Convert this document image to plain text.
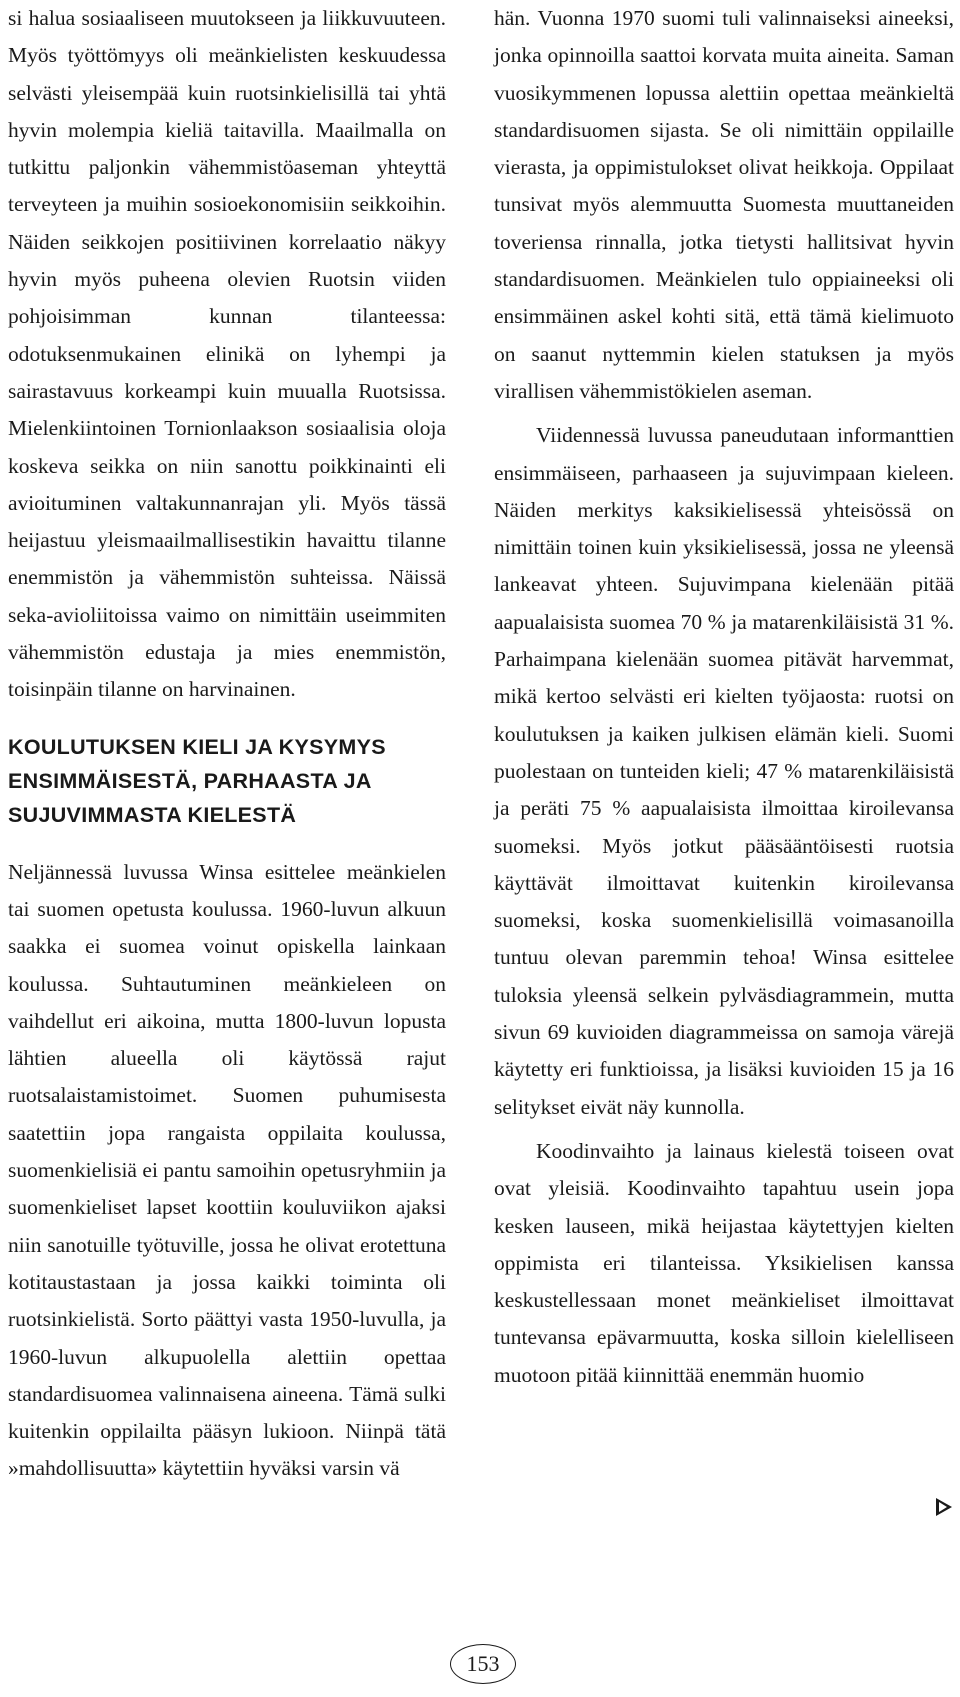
si halua sosiaaliseen muutokseen ja liikkuvuuteen. Myös työttömyys oli meänkielisten keskuudessa selvästi yleisempää kuin ruotsinkielisillä tai yhtä hyvin molempia kieliä taitavilla. Maailmalla on tutkittu paljonkin vähemmistöaseman yhteyttä terveyteen ja muihin sosioekonomisiin seikkoihin. Näiden seikkojen positiivinen korrelaatio näkyy hyvin myös puheena olevien Ruotsin viiden pohjoisimman kunnan tilanteessa: odotuksenmukainen elinikä on lyhempi ja sairastavuus korkeampi kuin muualla Ruotsissa. Mielenkiintoinen Tornionlaakson sosiaalisia oloja koskeva seikka on niin sanottu poikkinainti eli avioituminen valtakunnanrajan yli. Myös tässä heijastuu yleismaailmallisestikin havaittu tilanne enemmistön ja vähemmistön suhteissa. Näissä seka-avioliitoissa vaimo on nimittäin useimmiten vähemmistön edustaja ja mies enemmistön, toisinpäin tilanne on harvinainen.

KOULUTUKSEN KIELI JA KYSYMYS ENSIMMÄISESTÄ, PARHAASTA JA SUJUVIMMASTA KIELESTÄ

Neljännessä luvussa Winsa esittelee meänkielen tai suomen opetusta koulussa. 1960-luvun alkuun saakka ei suomea voinut opiskella lainkaan koulussa. Suhtautuminen meänkieleen on vaihdellut eri aikoina, mutta 1800-luvun lopusta lähtien alueella oli käytössä rajut ruotsalaistamistoimet. Suomen puhumisesta saatettiin jopa rangaista oppilaita koulussa, suomenkielisiä ei pantu samoihin opetusryhmiin ja suomenkieliset lapset koottiin kouluviikon ajaksi niin sanotuille työtuville, jossa he olivat erotettuna kotitaustastaan ja jossa kaikki toiminta oli ruotsinkielistä. Sorto päättyi vasta 1950-luvulla, ja 1960-luvun alkupuolella alettiin opettaa standardisuomea valinnaisena aineena. Tämä sulki kuitenkin oppilailta pääsyn lukioon. Niinpä tätä »mahdollisuutta» käytettiin hyväksi varsin vä

hän. Vuonna 1970 suomi tuli valinnaiseksi aineeksi, jonka opinnoilla saattoi korvata muita aineita. Saman vuosikymmenen lopussa alettiin opettaa meänkieltä standardisuomen sijasta. Se oli nimittäin oppilaille vierasta, ja oppimistulokset olivat heikkoja. Oppilaat tunsivat myös alemmuutta Suomesta muuttaneiden toveriensa rinnalla, jotka tietysti hallitsivat hyvin standardisuomen. Meänkielen tulo oppiaineeksi oli ensimmäinen askel kohti sitä, että tämä kielimuoto on saanut nyttemmin kielen statuksen ja myös virallisen vähemmistökielen aseman.

Viidennessä luvussa paneudutaan informanttien ensimmäiseen, parhaaseen ja sujuvimpaan kieleen. Näiden merkitys kaksikielisessä yhteisössä on nimittäin toinen kuin yksikielisessä, jossa ne yleensä lankeavat yhteen. Sujuvimpana kielenään pitää aapualaisista suomea 70 % ja matarenkiläisistä 31 %. Parhaimpana kielenään suomea pitävät harvemmat, mikä kertoo selvästi eri kielten työjaosta: ruotsi on koulutuksen ja kaiken julkisen elämän kieli. Suomi puolestaan on tunteiden kieli; 47 % matarenkiläisistä ja peräti 75 % aapualaisista ilmoittaa kiroilevansa suomeksi. Myös jotkut pääsääntöisesti ruotsia käyttävät ilmoittavat kuitenkin kiroilevansa suomeksi, koska suomenkielisillä voimasanoilla tuntuu olevan paremmin tehoa! Winsa esittelee tuloksia yleensä selkein pylväsdiagrammein, mutta sivun 69 kuvioiden diagrammeissa on samoja värejä käytetty eri funktioissa, ja lisäksi kuvioiden 15 ja 16 selitykset eivät näy kunnolla.

Koodinvaihto ja lainaus kielestä toiseen ovat ovat yleisiä. Koodinvaihto tapahtuu usein jopa kesken lauseen, mikä heijastaa käytettyjen kielten oppimista eri tilanteissa. Yksikielisen kanssa keskustellessaan monet meänkieliset ilmoittavat tuntevansa epävarmuutta, koska silloin kielelliseen muotoon pitää kiinnittää enemmän huomio

153
